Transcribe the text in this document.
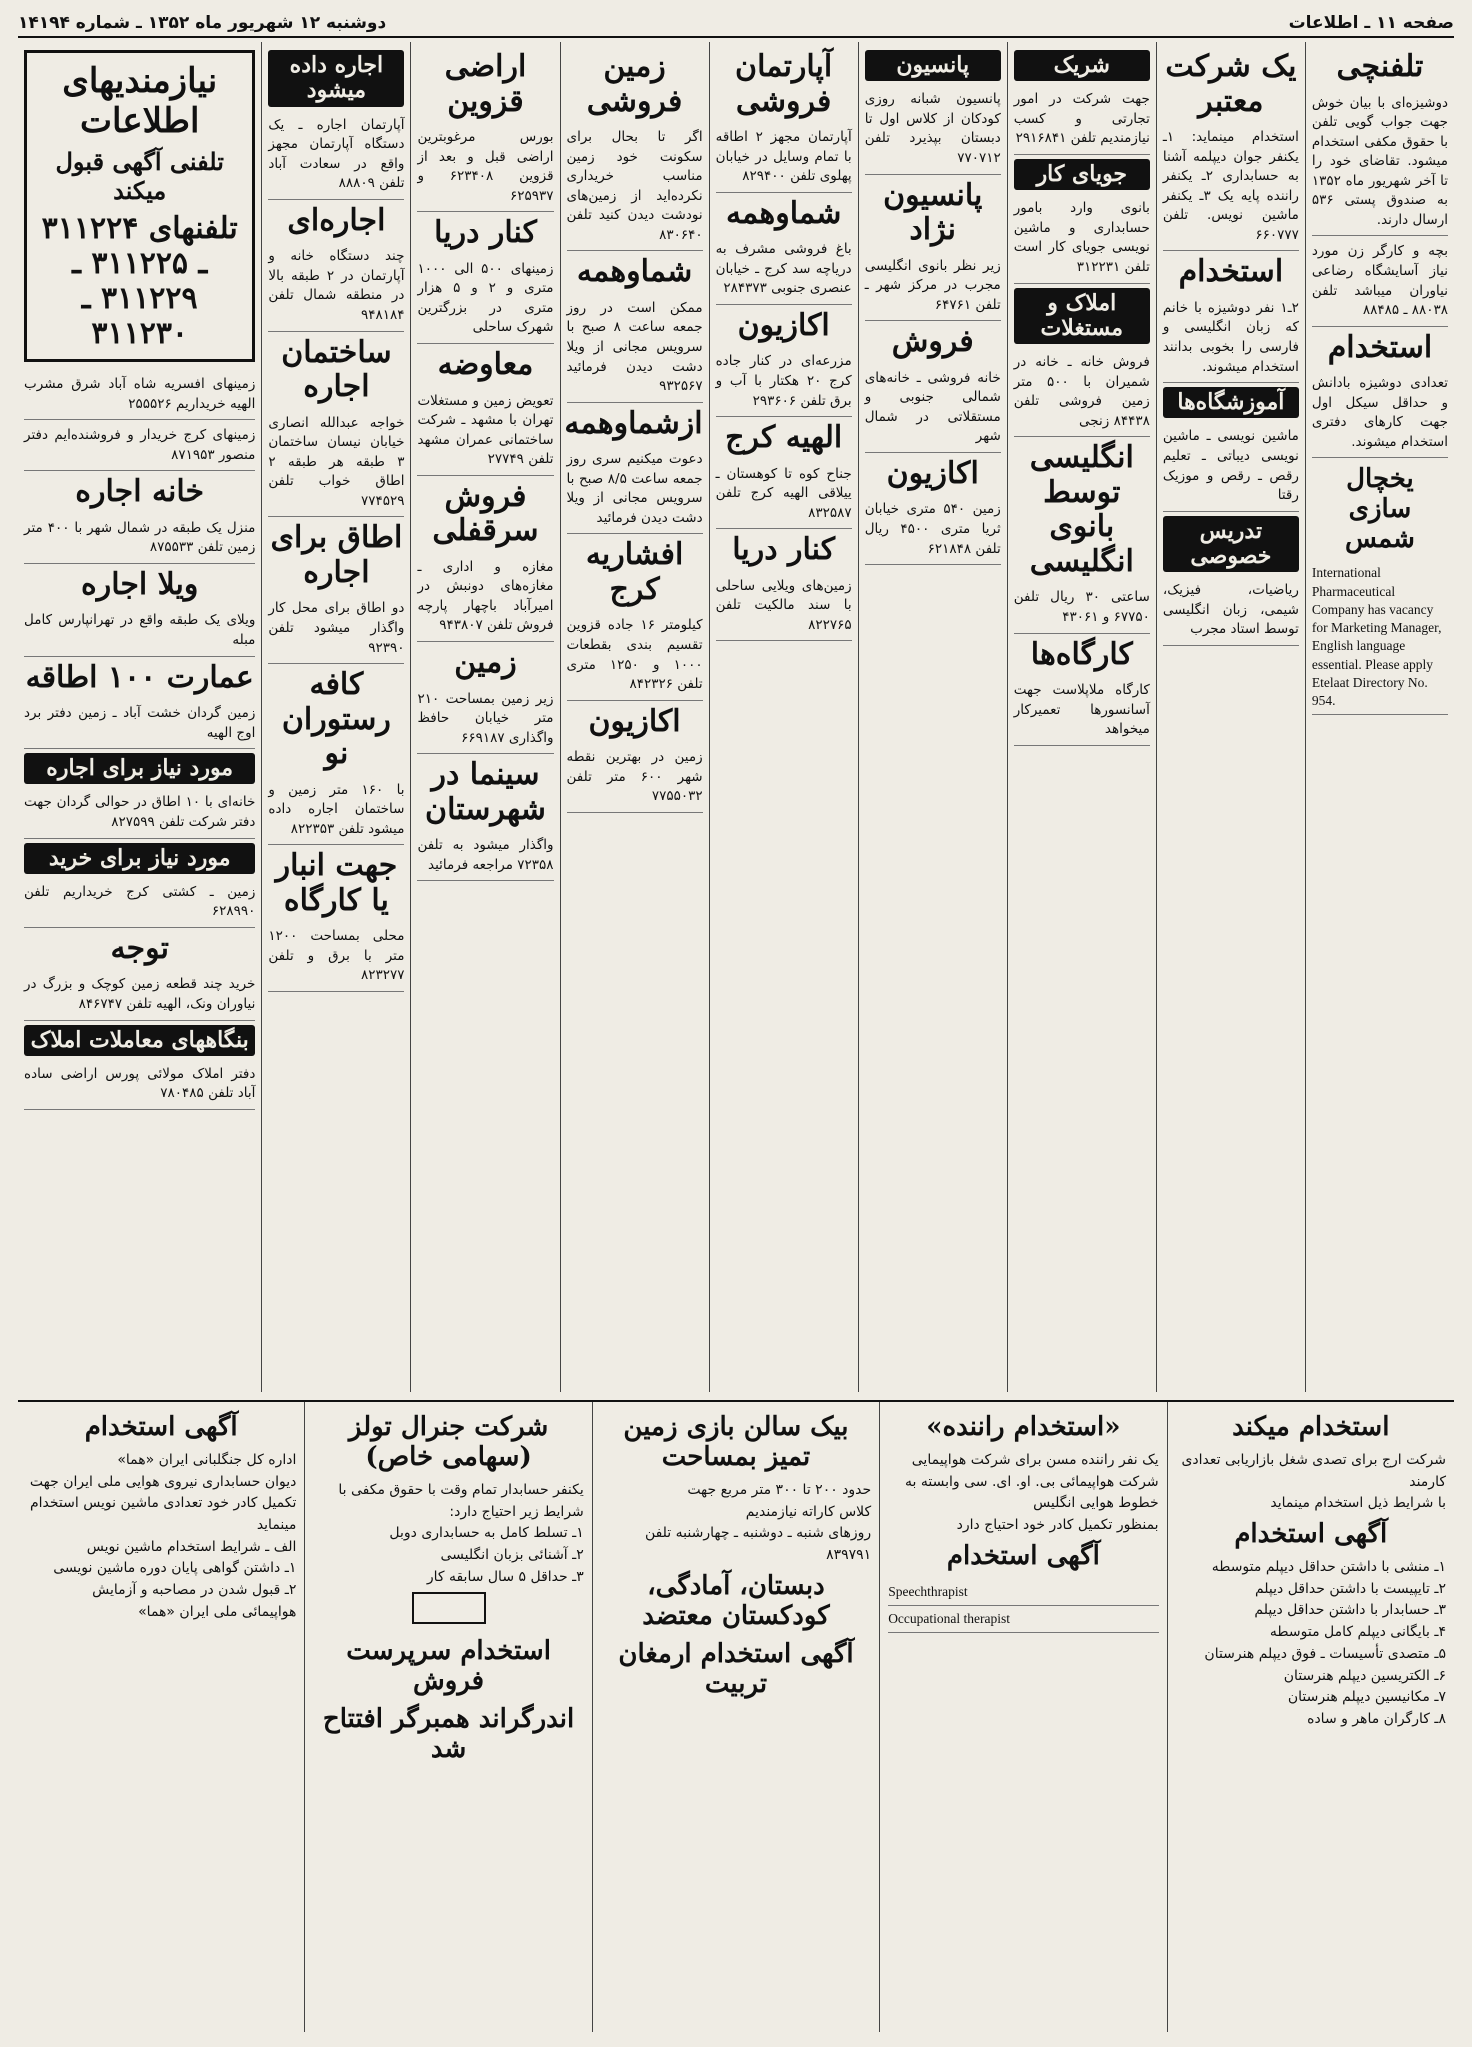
صفحه ۱۱ ـ اطلاعات
دوشنبه ۱۲ شهریور ماه ۱۳۵۲ ـ شماره ۱۴۱۹۴
تلفنچی
دوشیزه‌ای با بیان خوش جهت جواب گویی تلفن با حقوق مکفی استخدام میشود. تقاضای خود را تا آخر شهریور ماه ۱۳۵۲ به صندوق پستی ۵۳۶ ارسال دارند.
بچه و کارگر زن مورد نیاز آسایشگاه رضاعی نیاوران میباشد تلفن ۸۸۰۳۸ ـ ۸۸۴۸۵
استخدام
تعدادی دوشیزه بادانش و حداقل سیکل اول جهت کارهای دفتری استخدام میشوند.
یخچال سازی شمس
International Pharmaceutical Company has vacancy for Marketing Manager, English language essential. Please apply Etelaat Directory No. 954.
یک شرکت معتبر
استخدام مینماید: ۱ـ یکنفر جوان دیپلمه آشنا به حسابداری ۲ـ یکنفر راننده پایه یک ۳ـ یکنفر ماشین نویس. تلفن ۶۶۰۷۷۷
استخدام
۲ـ۱ نفر دوشیزه با خانم که زبان انگلیسی و فارسی را بخوبی بدانند استخدام میشوند.
آموزشگاه‌ها
ماشین نویسی ـ ماشین نویسی دیباتی ـ تعلیم رقص ـ رقص و موزیک رقتا
تدریس خصوصی
ریاضیات، فیزیک، شیمی، زبان انگلیسی توسط استاد مجرب
شریک
جهت شرکت در امور تجارتی و کسب نیازمندیم تلفن ۲۹۱۶۸۴۱
جویای کار
بانوی وارد بامور حسابداری و ماشین نویسی جویای کار است تلفن ۳۱۲۲۳۱
املاک و مستغلات
فروش خانه ـ خانه در شمیران با ۵۰۰ متر زمین فروشی تلفن ۸۴۴۳۸ زنجی
انگلیسی توسط بانوی انگلیسی
ساعتی ۳۰ ریال تلفن ۶۷۷۵۰ و ۴۳۰۶۱
کارگاه‌ها
کارگاه ملاپلاست جهت آسانسورها تعمیرکار میخواهد
پانسیون
پانسیون شبانه روزی کودکان از کلاس اول تا دبستان بپذیرد تلفن ۷۷۰۷۱۲
پانسیون نژاد
زیر نظر بانوی انگلیسی مجرب در مرکز شهر ـ تلفن ۶۴۷۶۱
فروش
خانه فروشی ـ خانه‌های شمالی جنوبی و مستقلاتی در شمال شهر
اکازیون
زمین ۵۴۰ متری خیابان ثریا متری ۴۵۰۰ ریال تلفن ۶۲۱۸۴۸
آپارتمان فروشی
آپارتمان مجهز ۲ اطاقه با تمام وسایل در خیابان پهلوی تلفن ۸۲۹۴۰۰
شماوهمه
باغ فروشی مشرف به دریاچه سد کرج ـ خیابان عنصری جنوبی ۲۸۴۳۷۳
اکازیون
مزرعه‌ای در کنار جاده کرج ۲۰ هکتار با آب و برق تلفن ۲۹۳۶۰۶
الهیه کرج
جناح کوه تا کوهستان ـ ییلاقی الهیه کرج تلفن ۸۳۲۵۸۷
کنار دریا
زمین‌های ویلایی ساحلی با سند مالکیت تلفن ۸۲۲۷۶۵
زمین فروشی
اگر تا بحال برای سکونت خود زمین مناسب خریداری نکرده‌اید از زمین‌های نودشت دیدن کنید تلفن ۸۳۰۶۴۰
شماوهمه
ممکن است در روز جمعه ساعت ۸ صبح با سرویس مجانی از ویلا دشت دیدن فرمائید ۹۳۲۵۶۷
ازشماوهمه
دعوت میکنیم سری روز جمعه ساعت ۸/۵ صبح با سرویس مجانی از ویلا دشت دیدن فرمائید
افشاریه کرج
کیلومتر ۱۶ جاده قزوین تقسیم بندی بقطعات ۱۰۰۰ و ۱۲۵۰ متری تلفن ۸۴۲۳۲۶
اکازیون
زمین در بهترین نقطه شهر ۶۰۰ متر تلفن ۷۷۵۵۰۳۲
اراضی قزوین
بورس مرغوبترین اراضی قبل و بعد از قزوین ۶۲۳۴۰۸ و ۶۲۵۹۳۷
کنار دریا
زمینهای ۵۰۰ الی ۱۰۰۰ متری و ۲ و ۵ هزار متری در بزرگترین شهرک ساحلی
معاوضه
تعویض زمین و مستغلات تهران با مشهد ـ شرکت ساختمانی عمران مشهد تلفن ۲۷۷۴۹
فروش سرقفلی
مغازه و اداری ـ مغازه‌های دونبش در امیرآباد باچهار پارچه فروش تلفن ۹۴۳۸۰۷
زمین
زیر زمین بمساحت ۲۱۰ متر خیابان حافظ واگذاری ۶۶۹۱۸۷
سینما در شهرستان
واگذار میشود به تلفن ۷۲۳۵۸ مراجعه فرمائید
اجاره داده میشود
آپارتمان اجاره ـ یک دستگاه آپارتمان مجهز واقع در سعادت آباد تلفن ۸۸۸۰۹
اجاره‌ای
چند دستگاه خانه و آپارتمان در ۲ طبقه بالا در منطقه شمال تلفن ۹۴۸۱۸۴
ساختمان اجاره
خواجه عبدالله انصاری خیابان نیسان ساختمان ۳ طبقه هر طبقه ۲ اطاق خواب تلفن ۷۷۴۵۲۹
اطاق برای اجاره
دو اطاق برای محل کار واگذار میشود تلفن ۹۲۳۹۰
کافه رستوران نو
با ۱۶۰ متر زمین و ساختمان اجاره داده میشود تلفن ۸۲۲۳۵۳
جهت انبار یا کارگاه
محلی بمساحت ۱۲۰۰ متر با برق و تلفن ۸۲۳۲۷۷
نیازمندیهای اطلاعات
تلفنی آگهی قبول میکند
تلفنهای ۳۱۱۲۲۴ ـ ۳۱۱۲۲۵ ـ ۳۱۱۲۲۹ ـ ۳۱۱۲۳۰
زمینهای افسریه شاه آباد شرق مشرب الهیه خریداریم ۲۵۵۵۲۶
زمینهای کرج خریدار و فروشنده‌ایم دفتر منصور ۸۷۱۹۵۳
خانه اجاره
منزل یک طبقه در شمال شهر با ۴۰۰ متر زمین تلفن ۸۷۵۵۳۳
ویلا اجاره
ویلای یک طبقه واقع در تهرانپارس کامل مبله
عمارت ۱۰۰ اطاقه
زمین گردان خشت آباد ـ زمین دفتر برد اوج الهیه
مورد نیاز برای اجاره
خانه‌ای با ۱۰ اطاق در حوالی گردان جهت دفتر شرکت تلفن ۸۲۷۵۹۹
مورد نیاز برای خرید
زمین ـ کشتی کرج خریداریم تلفن ۶۲۸۹۹۰
توجه
خرید چند قطعه زمین کوچک و بزرگ در نیاوران ونک، الهیه تلفن ۸۴۶۷۴۷
بنگاههای معاملات املاک
دفتر املاک مولائی پورس اراضی ساده آباد تلفن ۷۸۰۴۸۵
استخدام میکند
شرکت ارج برای تصدی شغل بازاریابی تعدادی کارمند
با شرایط ذیل استخدام مینماید
آگهی استخدام
۱ـ منشی با داشتن حداقل دیپلم متوسطه
۲ـ تایپیست با داشتن حداقل دیپلم
۳ـ حسابدار با داشتن حداقل دیپلم
۴ـ بایگانی دیپلم کامل متوسطه
۵ـ متصدی تأسیسات ـ فوق دیپلم هنرستان
۶ـ الکتریسین دیپلم هنرستان
۷ـ مکانیسین دیپلم هنرستان
۸ـ کارگران ماهر و ساده
«استخدام راننده»
یک نفر راننده مسن برای شرکت هواپیمایی
شرکت هواپیمائی بی. او. ای. سی وابسته به خطوط هوایی انگلیس
بمنظور تکمیل کادر خود احتیاج دارد
آگهی استخدام
Speechthrapist
Occupational therapist
بیک سالن بازی زمین تمیز بمساحت
حدود ۲۰۰ تا ۳۰۰ متر مربع جهت
کلاس کاراته نیازمندیم
روزهای شنبه ـ دوشنبه ـ چهارشنبه تلفن ۸۳۹۷۹۱
دبستان، آمادگی، کودکستان معتضد
آگهی استخدام ارمغان تربیت
شرکت جنرال تولز (سهامی خاص)
یکنفر حسابدار تمام وقت با حقوق مکفی با شرایط زیر احتیاج دارد:
۱ـ تسلط کامل به حسابداری دوبل
۲ـ آشنائی بزبان انگلیسی
۳ـ حداقل ۵ سال سابقه کار
استخدام سرپرست فروش
اندرگراند همبرگر افتتاح شد
آگهی استخدام
اداره کل جنگلبانی ایران «هما»
دیوان حسابداری نیروی هوایی ملی ایران جهت تکمیل کادر خود تعدادی ماشین نویس استخدام مینماید
الف ـ شرایط استخدام ماشین نویس
۱ـ داشتن گواهی پایان دوره ماشین نویسی
۲ـ قبول شدن در مصاحبه و آزمایش
هواپیمائی ملی ایران «هما»
